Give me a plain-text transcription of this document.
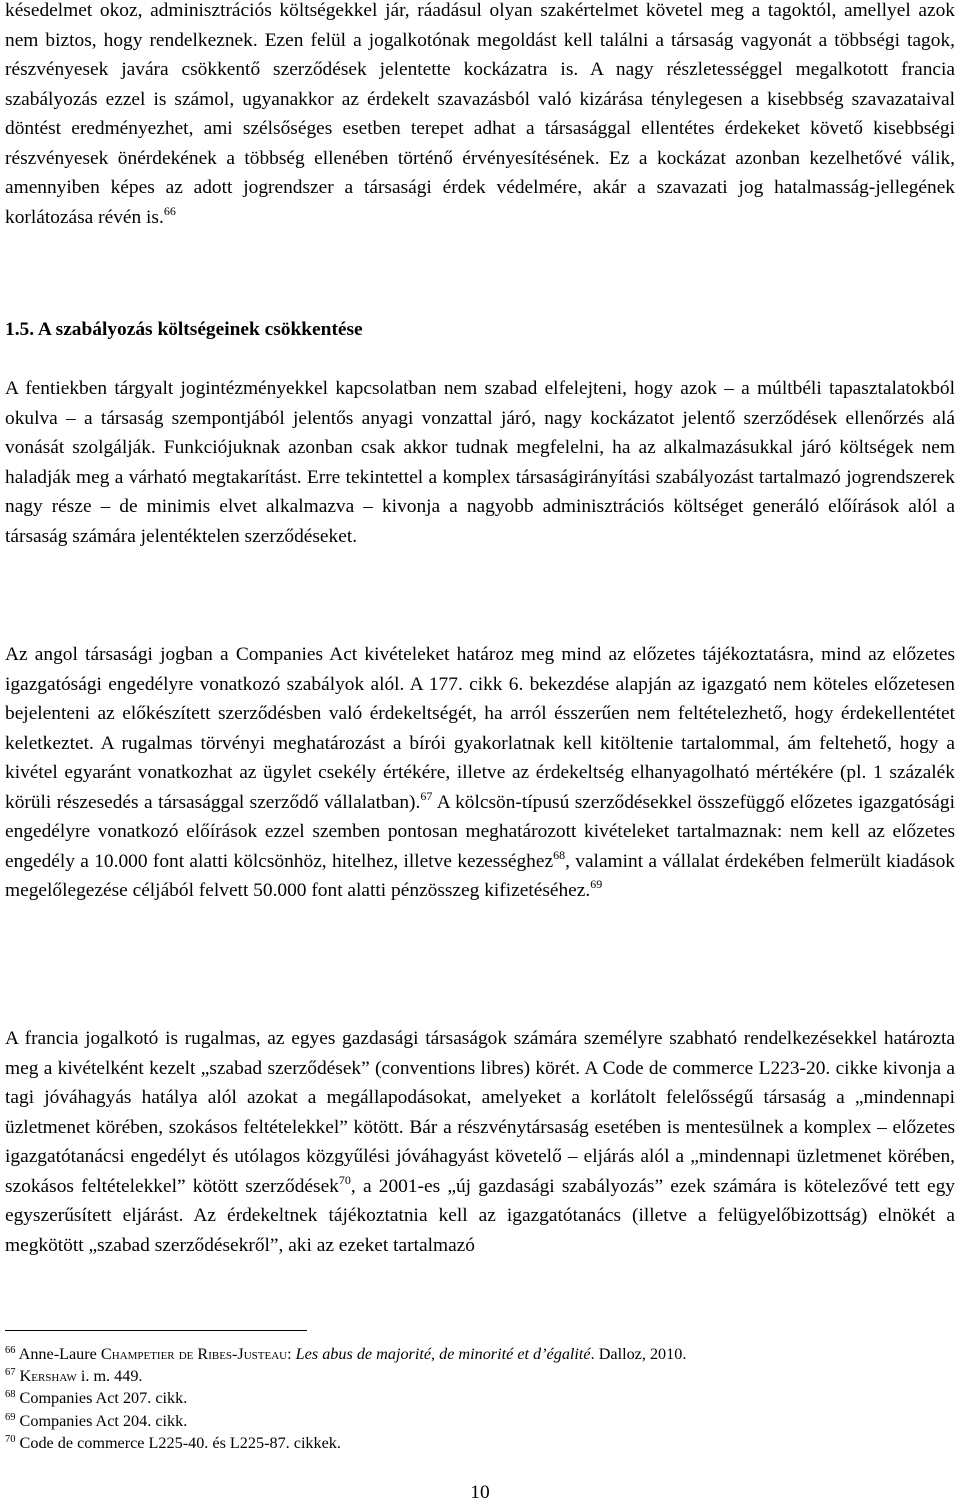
késedelmet okoz, adminisztrációs költségekkel jár, ráadásul olyan szakértelmet követel meg a tagoktól, amellyel azok nem biztos, hogy rendelkeznek. Ezen felül a jogalkotónak megoldást kell találni a társaság vagyonát a többségi tagok, részvényesek javára csökkentő szerződések jelentette kockázatra is. A nagy részletességgel megalkotott francia szabályozás ezzel is számol, ugyanakkor az érdekelt szavazásból való kizárása ténylegesen a kisebbség szavazataival döntést eredményezhet, ami szélsőséges esetben terepet adhat a társasággal ellentétes érdekeket követő kisebbségi részvényesek önérdekének a többség ellenében történő érvényesítésének. Ez a kockázat azonban kezelhetővé válik, amennyiben képes az adott jogrendszer a társasági érdek védelmére, akár a szavazati jog hatalmasság-jellegének korlátozása révén is.$^{66}$

1.5. A szabályozás költségeinek csökkentése

A fentiekben tárgyalt jogintézményekkel kapcsolatban nem szabad elfelejteni, hogy azok – a múltbéli tapasztalatokból okulva – a társaság szempontjából jelentős anyagi vonzattal járó, nagy kockázatot jelentő szerződések ellenőrzés alá vonását szolgálják. Funkciójuknak azonban csak akkor tudnak megfelelni, ha az alkalmazásukkal járó költségek nem haladják meg a várható megtakarítást. Erre tekintettel a komplex társaságirányítási szabályozást tartalmazó jogrendszerek nagy része – de minimis elvet alkalmazva – kivonja a nagyobb adminisztrációs költséget generáló előírások alól a társaság számára jelentéktelen szerződéseket.

Az angol társasági jogban a Companies Act kivételeket határoz meg mind az előzetes tájékoztatásra, mind az előzetes igazgatósági engedélyre vonatkozó szabályok alól. A 177. cikk 6. bekezdése alapján az igazgató nem köteles előzetesen bejelenteni az előkészített szerződésben való érdekeltségét, ha arról ésszerűen nem feltételezhető, hogy érdekellentétet keletkeztet. A rugalmas törvényi meghatározást a bírói gyakorlatnak kell kitöltenie tartalommal, ám feltehető, hogy a kivétel egyaránt vonatkozhat az ügylet csekély értékére, illetve az érdekeltség elhanyagolható mértékére (pl. 1 százalék körüli részesedés a társasággal szerződő vállalatban).$^{67}$ A kölcsön-típusú szerződésekkel összefüggő előzetes igazgatósági engedélyre vonatkozó előírások ezzel szemben pontosan meghatározott kivételeket tartalmaznak: nem kell az előzetes engedély a 10.000 font alatti kölcsönhöz, hitelhez, illetve kezességhez$^{68}$, valamint a vállalat érdekében felmerült kiadások megelőlegezése céljából felvett 50.000 font alatti pénzösszeg kifizetéséhez.$^{69}$

A francia jogalkotó is rugalmas, az egyes gazdasági társaságok számára személyre szabható rendelkezésekkel határozta meg a kivételként kezelt „szabad szerződések” (conventions libres) körét. A Code de commerce L223-20. cikke kivonja a tagi jóváhagyás hatálya alól azokat a megállapodásokat, amelyeket a korlátolt felelősségű társaság a „mindennapi üzletmenet körében, szokásos feltételekkel” kötött. Bár a részvénytársaság esetében is mentesülnek a komplex – előzetes igazgatótanácsi engedélyt és utólagos közgyűlési jóváhagyást követelő – eljárás alól a „mindennapi üzletmenet körében, szokásos feltételekkel” kötött szerződések$^{70}$, a 2001-es „új gazdasági szabályozás” ezek számára is kötelezővé tett egy egyszerűsített eljárást. Az érdekeltnek tájékoztatnia kell az igazgatótanács (illetve a felügyelőbizottság) elnökét a megkötött „szabad szerződésekről”, aki az ezeket tartalmazó

$^{66}$ Anne-Laure Champetier de Ribes-Justeau: Les abus de majorité, de minorité et d’égalité. Dalloz, 2010.

$^{67}$ Kershaw i. m. 449.

$^{68}$ Companies Act 207. cikk.

$^{69}$ Companies Act 204. cikk.

$^{70}$ Code de commerce L225-40. és L225-87. cikkek.

10
